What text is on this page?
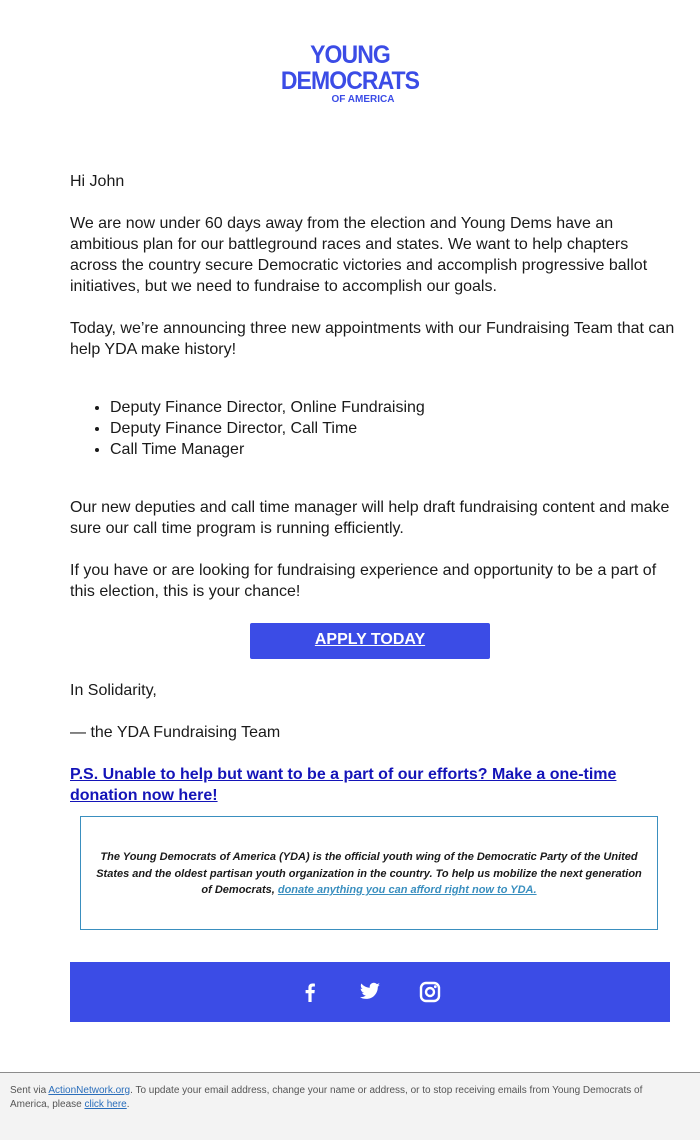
YOUNG
DEMOCRATS
OF AMERICA

Hi John

We are now under 60 days away from the election and Young Dems have an ambitious plan for our battleground races and states. We want to help chapters across the country secure Democratic victories and accomplish progressive ballot initiatives, but we need to fundraise to accomplish our goals.

Today, we’re announcing three new appointments with our Fundraising Team that can help YDA make history!

• Deputy Finance Director, Online Fundraising
• Deputy Finance Director, Call Time
• Call Time Manager

Our new deputies and call time manager will help draft fundraising content and make sure our call time program is running efficiently.

If you have or are looking for fundraising experience and opportunity to be a part of this election, this is your chance!

APPLY TODAY

In Solidarity,

— the YDA Fundraising Team

P.S. Unable to help but want to be a part of our efforts? Make a one-time donation now here!

The Young Democrats of America (YDA) is the official youth wing of the Democratic Party of the United States and the oldest partisan youth organization in the country. To help us mobilize the next generation of Democrats, donate anything you can afford right now to YDA.

Sent via ActionNetwork.org. To update your email address, change your name or address, or to stop receiving emails from Young Democrats of America, please click here.
